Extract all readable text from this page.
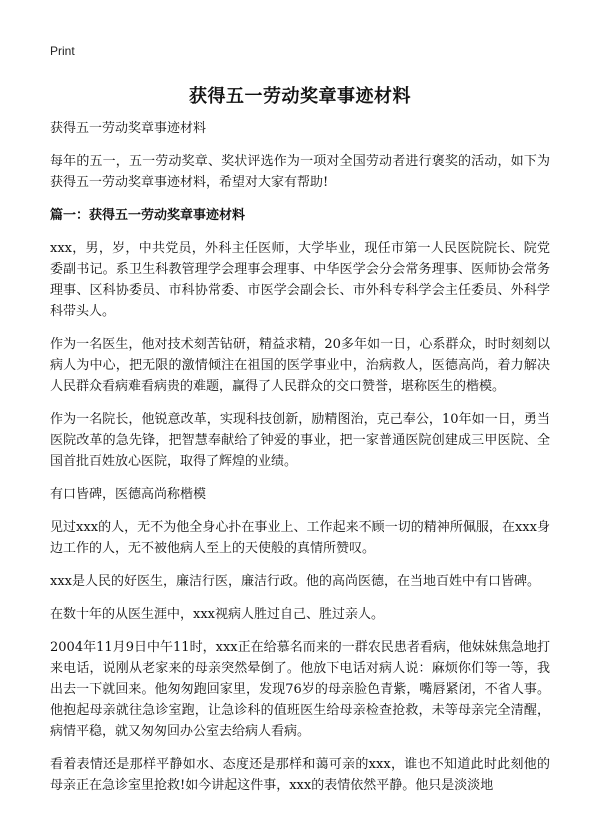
Print
获得五一劳动奖章事迹材料

获得五一劳动奖章事迹材料

每年的五一，五一劳动奖章、奖状评选作为一项对全国劳动者进行褒奖的活动，如下为获得五一劳动奖章事迹材料，希望对大家有帮助!

篇一：获得五一劳动奖章事迹材料

xxx，男，岁，中共党员，外科主任医师，大学毕业，现任市第一人民医院院长、院党委副书记。系卫生科教管理学会理事会理事、中华医学会分会常务理事、医师协会常务理事、区科协委员、市科协常委、市医学会副会长、市外科专科学会主任委员、外科学科带头人。

作为一名医生，他对技术刻苦钻研，精益求精，20多年如一日，心系群众，时时刻刻以病人为中心，把无限的激情倾注在祖国的医学事业中，治病救人，医德高尚，着力解决人民群众看病难看病贵的难题，赢得了人民群众的交口赞誉，堪称医生的楷模。

作为一名院长，他锐意改革，实现科技创新，励精图治，克己奉公，10年如一日，勇当医院改革的急先锋，把智慧奉献给了钟爱的事业，把一家普通医院创建成三甲医院、全国首批百姓放心医院，取得了辉煌的业绩。

有口皆碑，医德高尚称楷模

见过xxx的人，无不为他全身心扑在事业上、工作起来不顾一切的精神所佩服，在xxx身边工作的人，无不被他病人至上的天使般的真情所赞叹。

xxx是人民的好医生，廉洁行医，廉洁行政。他的高尚医德，在当地百姓中有口皆碑。

在数十年的从医生涯中，xxx视病人胜过自己、胜过亲人。

2004年11月9日中午11时，xxx正在给慕名而来的一群农民患者看病，他妹妹焦急地打来电话，说刚从老家来的母亲突然晕倒了。他放下电话对病人说：麻烦你们等一等，我出去一下就回来。他匆匆跑回家里，发现76岁的母亲脸色青紫，嘴唇紧闭，不省人事。他抱起母亲就往急诊室跑，让急诊科的值班医生给母亲检查抢救，未等母亲完全清醒，病情平稳，就又匆匆回办公室去给病人看病。

看着表情还是那样平静如水、态度还是那样和蔼可亲的xxx，谁也不知道此时此刻他的母亲正在急诊室里抢救!如今讲起这件事，xxx的表情依然平静。他只是淡淡地
